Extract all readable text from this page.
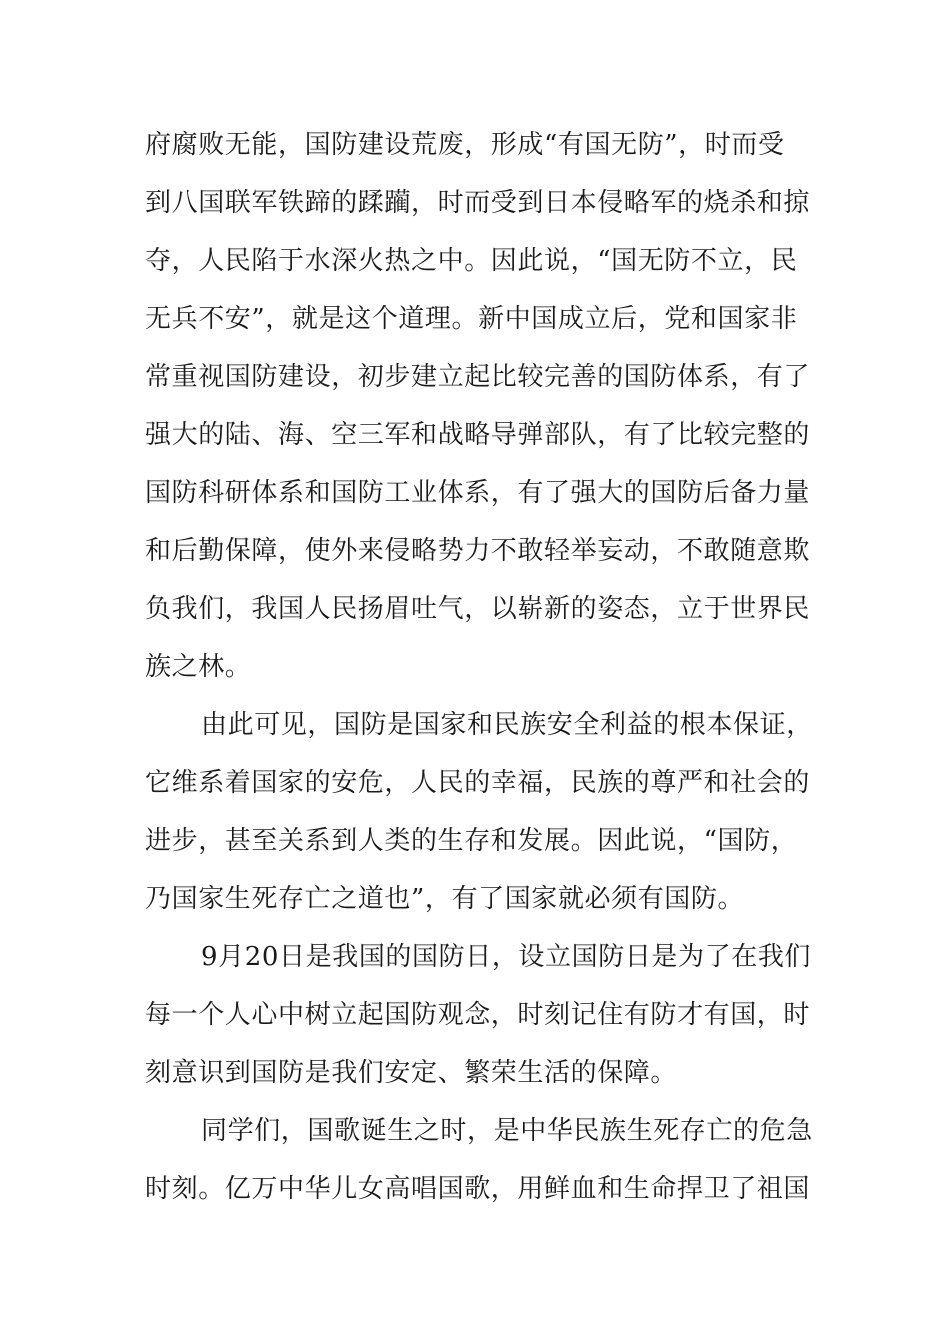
府腐败无能，国防建设荒废，形成“有国无防”，时而受
到八国联军铁蹄的蹂躏，时而受到日本侵略军的烧杀和掠
夺，人民陷于水深火热之中。因此说，“国无防不立，民
无兵不安”，就是这个道理。新中国成立后，党和国家非
常重视国防建设，初步建立起比较完善的国防体系，有了
强大的陆、海、空三军和战略导弹部队，有了比较完整的
国防科研体系和国防工业体系，有了强大的国防后备力量
和后勤保障，使外来侵略势力不敢轻举妄动，不敢随意欺
负我们，我国人民扬眉吐气，以崭新的姿态，立于世界民
族之林。
由此可见，国防是国家和民族安全利益的根本保证，
它维系着国家的安危，人民的幸福，民族的尊严和社会的
进步，甚至关系到人类的生存和发展。因此说，“国防，
乃国家生死存亡之道也”，有了国家就必须有国防。
9月20日是我国的国防日，设立国防日是为了在我们
每一个人心中树立起国防观念，时刻记住有防才有国，时
刻意识到国防是我们安定、繁荣生活的保障。
同学们，国歌诞生之时，是中华民族生死存亡的危急
时刻。亿万中华儿女高唱国歌，用鲜血和生命捍卫了祖国
